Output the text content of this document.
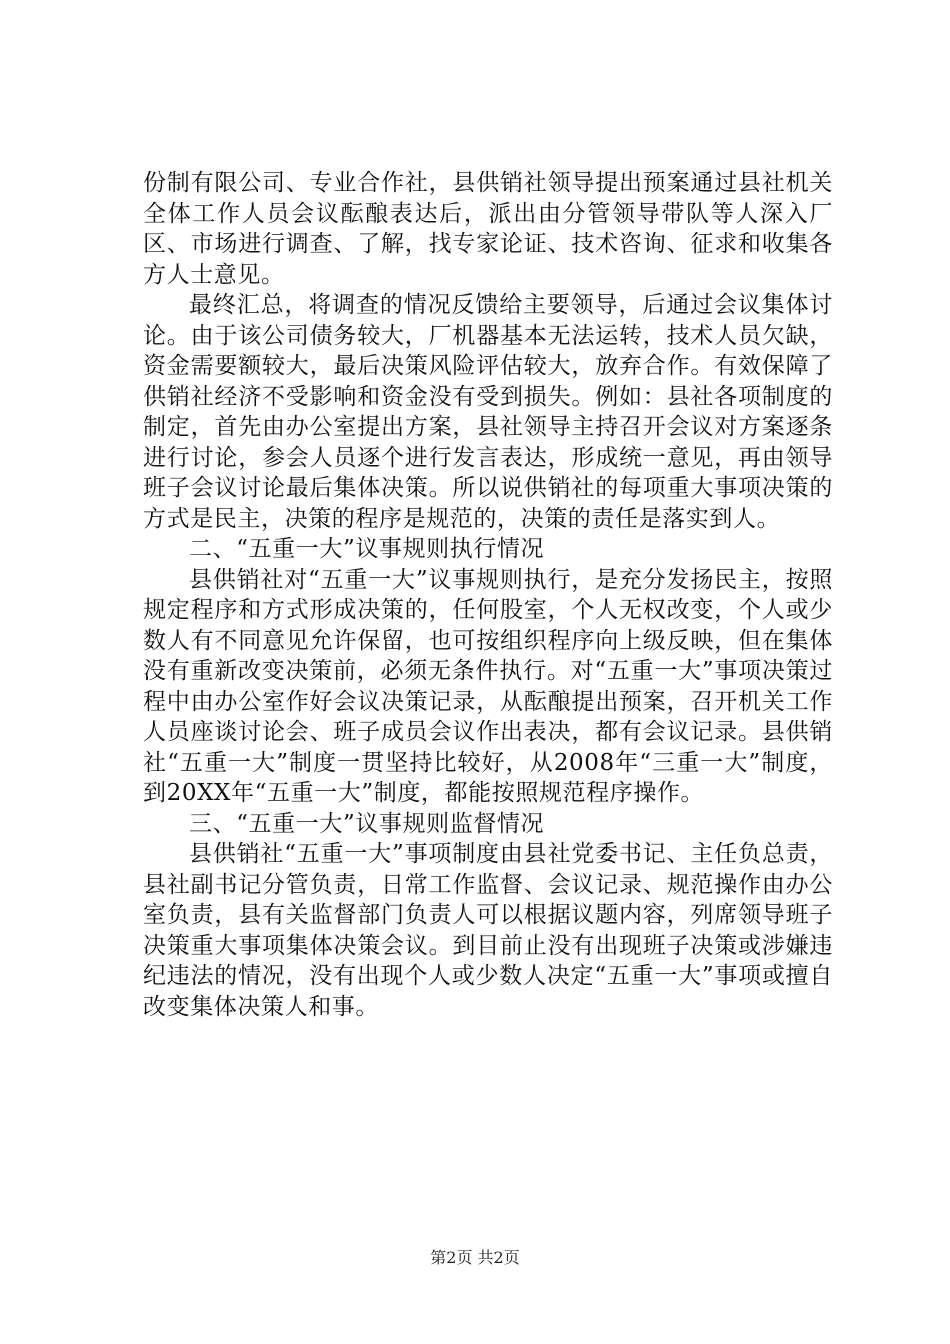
份制有限公司、专业合作社，县供销社领导提出预案通过县社机关全体工作人员会议酝酿表达后，派出由分管领导带队等人深入厂区、市场进行调查、了解，找专家论证、技术咨询、征求和收集各方人士意见。

最终汇总，将调查的情况反馈给主要领导，后通过会议集体讨论。由于该公司债务较大，厂机器基本无法运转，技术人员欠缺，资金需要额较大，最后决策风险评估较大，放弃合作。有效保障了供销社经济不受影响和资金没有受到损失。例如：县社各项制度的制定，首先由办公室提出方案，县社领导主持召开会议对方案逐条进行讨论，参会人员逐个进行发言表达，形成统一意见，再由领导班子会议讨论最后集体决策。所以说供销社的每项重大事项决策的方式是民主，决策的程序是规范的，决策的责任是落实到人。

二、“五重一大”议事规则执行情况

县供销社对“五重一大”议事规则执行，是充分发扬民主，按照规定程序和方式形成决策的，任何股室，个人无权改变，个人或少数人有不同意见允许保留，也可按组织程序向上级反映，但在集体没有重新改变决策前，必须无条件执行。对“五重一大”事项决策过程中由办公室作好会议决策记录，从酝酿提出预案，召开机关工作人员座谈讨论会、班子成员会议作出表决，都有会议记录。县供销社“五重一大”制度一贯坚持比较好，从2008年“三重一大”制度，到20XX年“五重一大”制度，都能按照规范程序操作。

三、“五重一大”议事规则监督情况

县供销社“五重一大”事项制度由县社党委书记、主任负总责，县社副书记分管负责，日常工作监督、会议记录、规范操作由办公室负责，县有关监督部门负责人可以根据议题内容，列席领导班子决策重大事项集体决策会议。到目前止没有出现班子决策或涉嫌违纪违法的情况，没有出现个人或少数人决定“五重一大”事项或擅自改变集体决策人和事。

第2页 共2页
